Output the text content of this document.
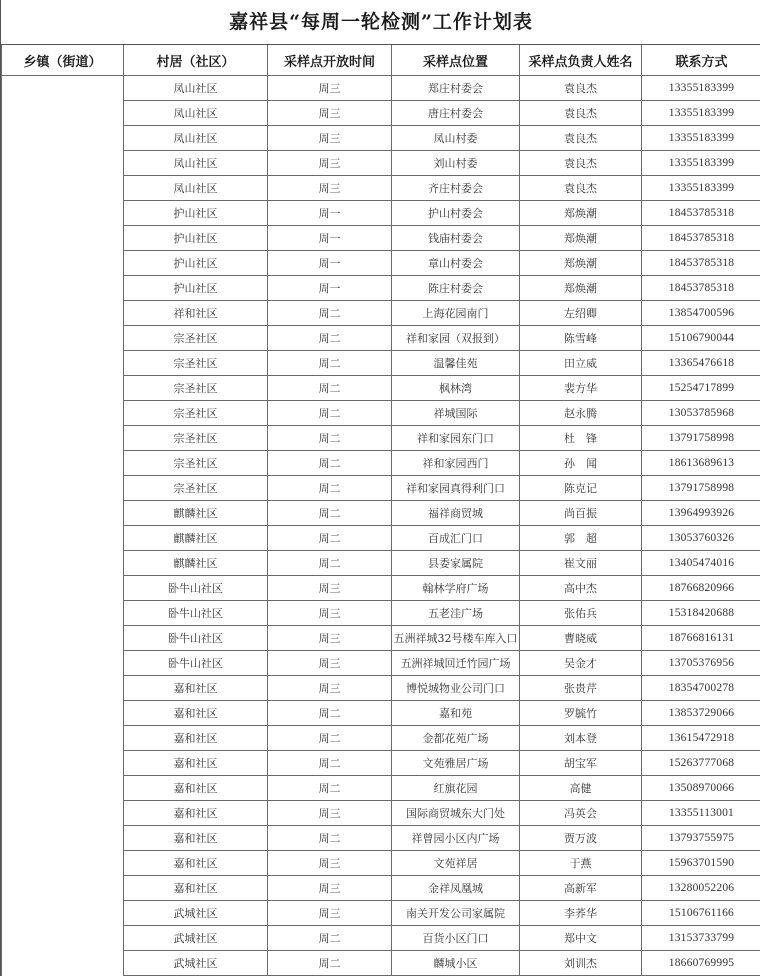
嘉祥县“每周一轮检测”工作计划表
乡镇（街道）	村居（社区）	采样点开放时间	采样点位置	采样点负责人姓名	联系方式
	凤山社区	周三	郑庄村委会	袁良杰	13355183399
	凤山社区	周三	唐庄村委会	袁良杰	13355183399
	凤山社区	周三	凤山村委	袁良杰	13355183399
	凤山社区	周三	刘山村委	袁良杰	13355183399
	凤山社区	周三	齐庄村委会	袁良杰	13355183399
	护山社区	周一	护山村委会	郑焕潮	18453785318
	护山社区	周一	钱庙村委会	郑焕潮	18453785318
	护山社区	周一	章山村委会	郑焕潮	18453785318
	护山社区	周一	陈庄村委会	郑焕潮	18453785318
	祥和社区	周二	上海花园南门	左绍卿	13854700596
	宗圣社区	周二	祥和家园（双报到）	陈雪峰	15106790044
	宗圣社区	周二	温馨佳苑	田立威	13365476618
	宗圣社区	周二	枫林湾	裴方华	15254717899
	宗圣社区	周二	祥城国际	赵永腾	13053785968
	宗圣社区	周二	祥和家园东门口	杜　锋	13791758998
	宗圣社区	周二	祥和家园西门	孙　闻	18613689613
	宗圣社区	周二	祥和家园真得利门口	陈克记	13791758998
	麒麟社区	周二	福祥商贸城	尚百振	13964993926
	麒麟社区	周二	百成汇门口	郭　超	13053760326
	麒麟社区	周二	县委家属院	崔文丽	13405474016
	卧牛山社区	周三	翰林学府广场	高中杰	18766820966
	卧牛山社区	周三	五老洼广场	张佑兵	15318420688
	卧牛山社区	周三	五洲祥城32号楼车库入口	曹晓威	18766816131
	卧牛山社区	周三	五洲祥城回迁竹园广场	吴金才	13705376956
	嘉和社区	周三	博悦城物业公司门口	张贵芹	18354700278
	嘉和社区	周二	嘉和苑	罗毓竹	13853729066
	嘉和社区	周二	金都花苑广场	刘本登	13615472918
	嘉和社区	周二	文苑雅居广场	胡宝军	15263777068
	嘉和社区	周二	红旗花园	高健	13508970066
	嘉和社区	周三	国际商贸城东大门处	冯英会	13355113001
	嘉和社区	周二	祥曾园小区内广场	贾万波	13793755975
	嘉和社区	周三	文苑祥居	于燕	15963701590
	嘉和社区	周三	金祥凤凰城	高新军	13280052206
	武城社区	周三	南关开发公司家属院	李荞华	15106761166
	武城社区	周二	百货小区门口	郑中文	13153733799
	武城社区	周二	麟城小区	刘训杰	18660769995
